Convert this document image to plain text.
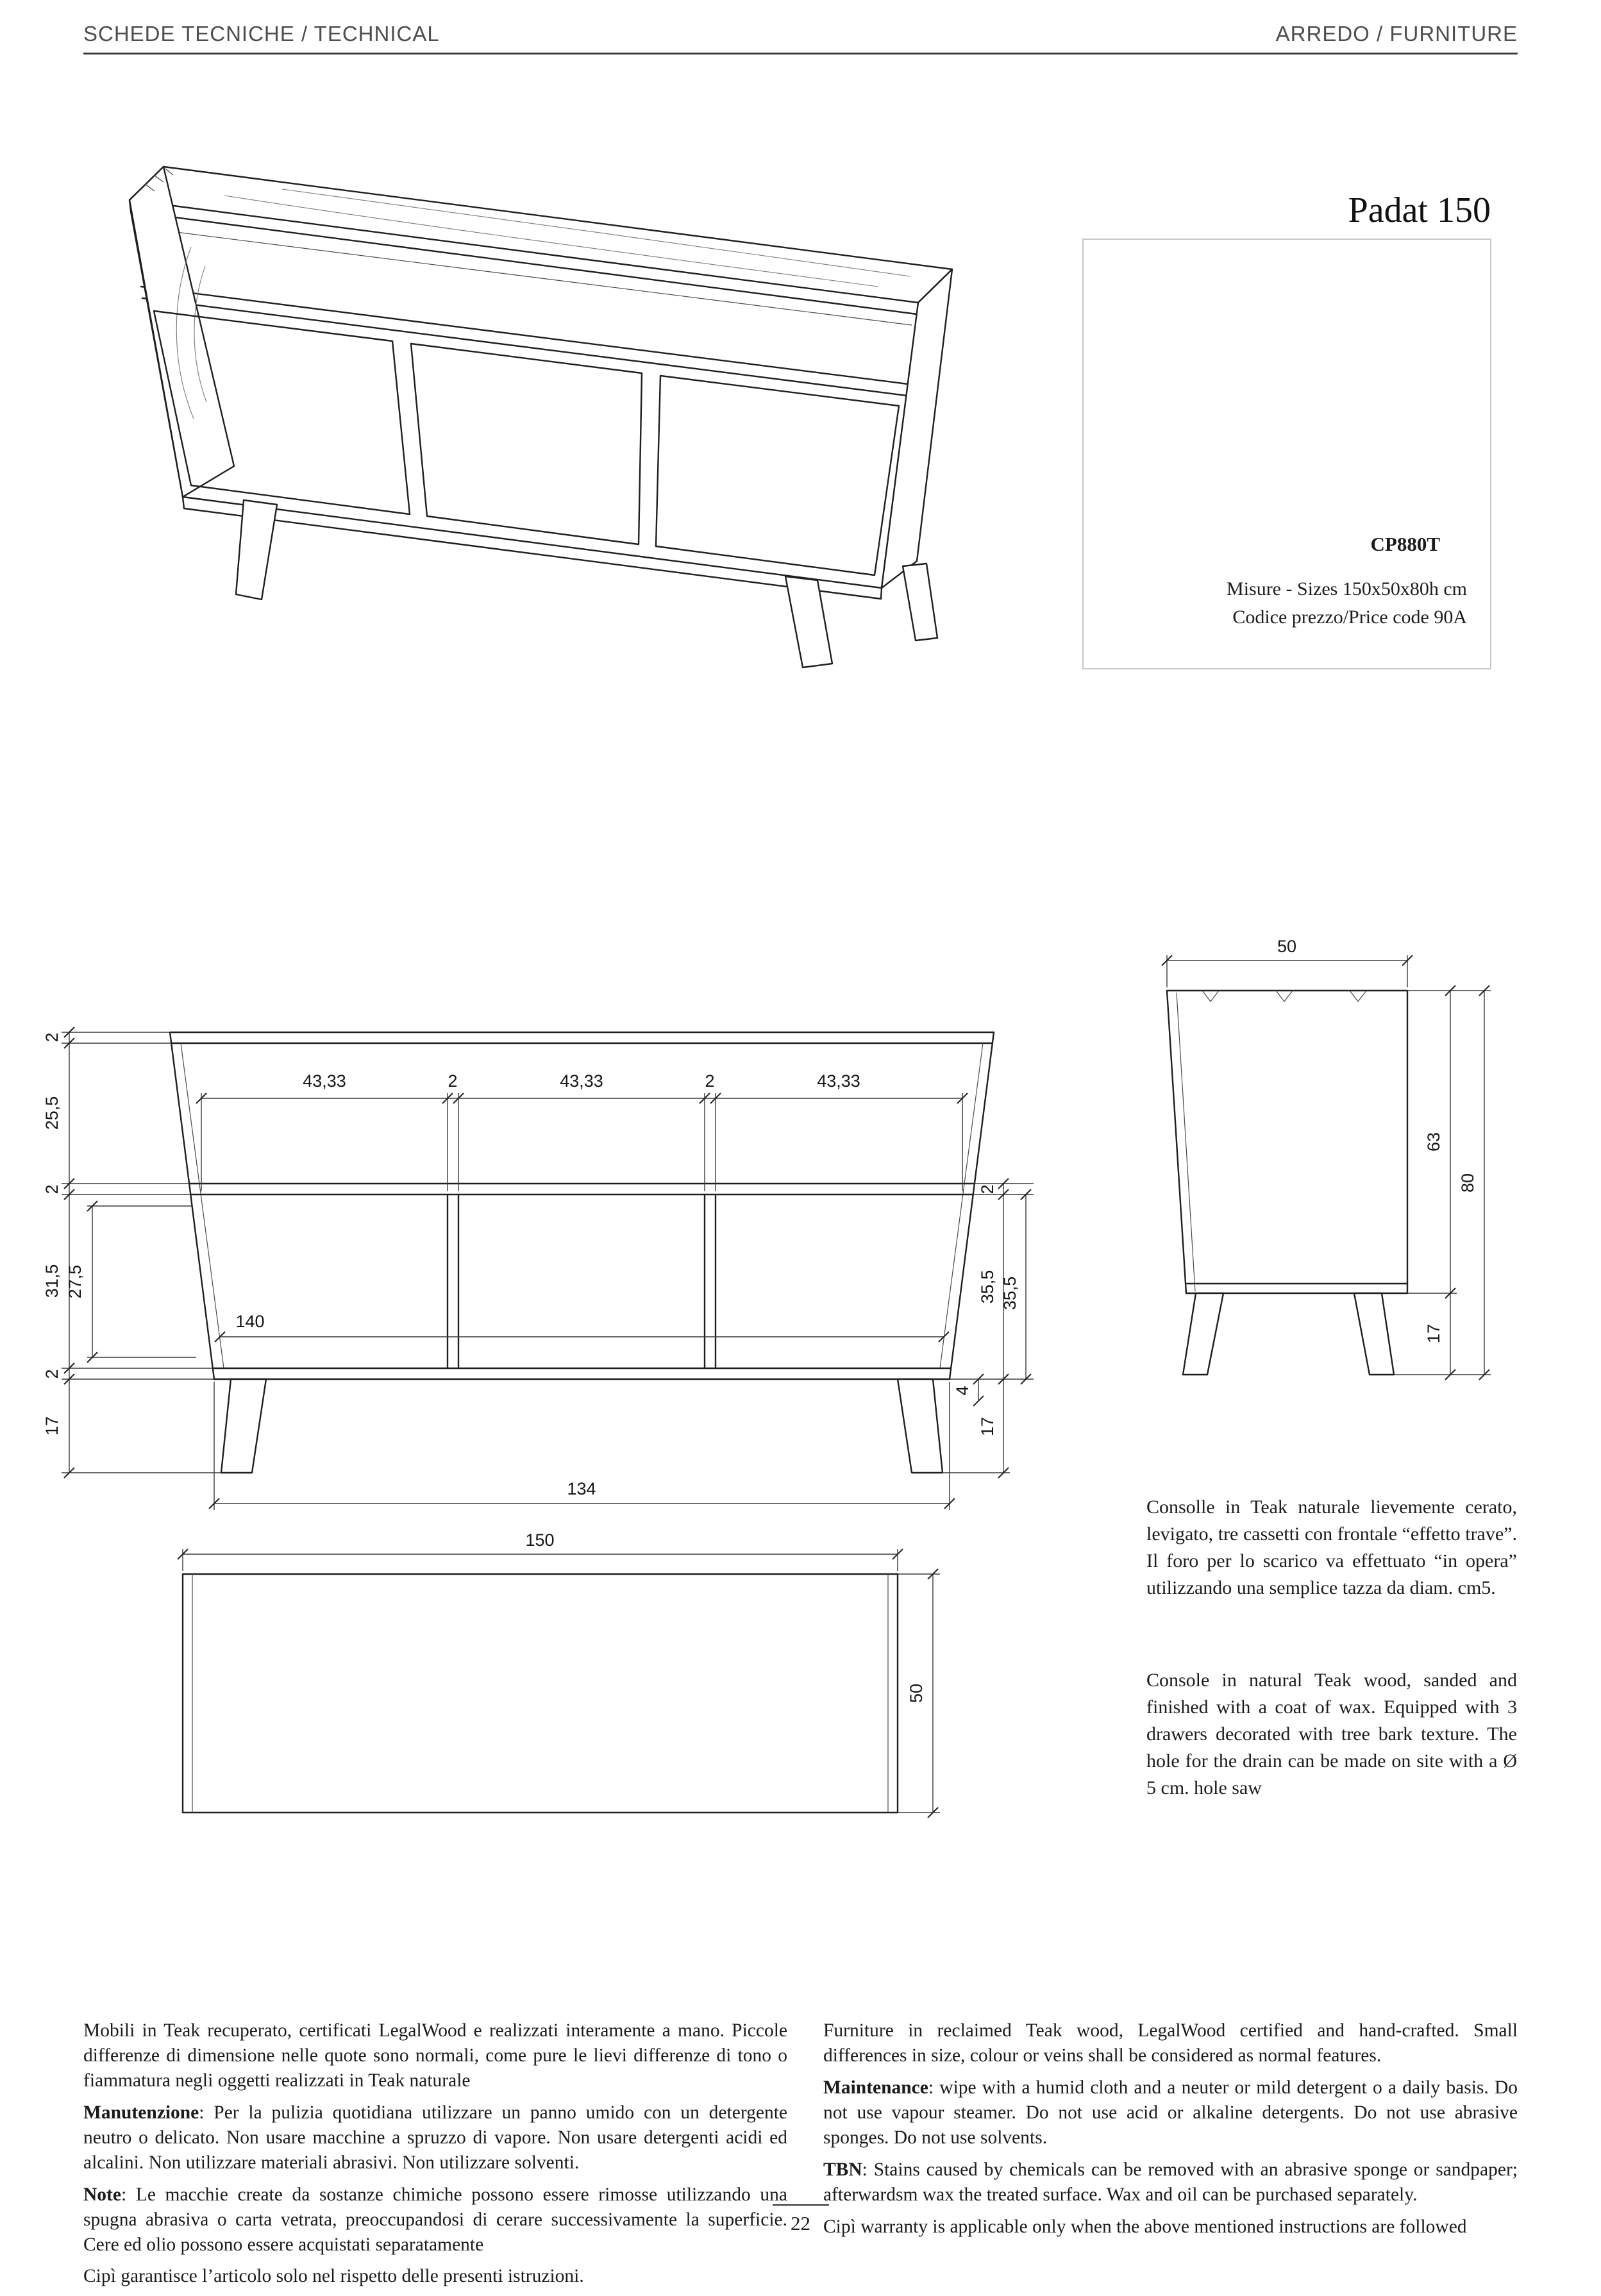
SCHEDE TECNICHE / TECHNICAL	ARREDO / FURNITURE
Padat 150
CP880T
Misure - Sizes 150x50x80h cm
Codice prezzo/Price code 90A
2
25,5
2
31,5
2
17
27,5
43,33	2	43,33	2	43,33
140
2
35,5 35,5
4
17
134
50
63
80
17
150
50

Consolle in Teak naturale lievemente cerato, levigato, tre cassetti con frontale “effetto trave”. Il foro per lo scarico va effettuato “in opera” utilizzando una semplice tazza da diam. cm5.

Console in natural Teak wood, sanded and finished with a coat of wax. Equipped with 3 drawers decorated with tree bark texture. The hole for the drain can be made on site with a Ø 5 cm. hole saw

Mobili in Teak recuperato, certificati LegalWood e realizzati interamente a mano. Piccole differenze di dimensione nelle quote sono normali, come pure le lievi differenze di tono o fiammatura negli oggetti realizzati in Teak naturale

Manutenzione: Per la pulizia quotidiana utilizzare un panno umido con un detergente neutro o delicato. Non usare macchine a spruzzo di vapore. Non usare detergenti acidi ed alcalini. Non utilizzare materiali abrasivi. Non utilizzare solventi.

Note: Le macchie create da sostanze chimiche possono essere rimosse utilizzando una spugna abrasiva o carta vetrata, preoccupandosi di cerare successivamente la superficie. Cere ed olio possono essere acquistati separatamente

Cipì garantisce l’articolo solo nel rispetto delle presenti istruzioni.

Furniture in reclaimed Teak wood, LegalWood certified and hand-crafted. Small differences in size, colour or veins shall be considered as normal features.

Maintenance: wipe with a humid cloth and a neuter or mild detergent o a daily basis. Do not use vapour steamer. Do not use acid or alkaline detergents. Do not use abrasive sponges. Do not use solvents.

TBN: Stains caused by chemicals can be removed with an abrasive sponge or sandpaper; afterwardsm wax the treated surface. Wax and oil can be purchased separately.

Cipì warranty is applicable only when the above mentioned instructions are followed

22
